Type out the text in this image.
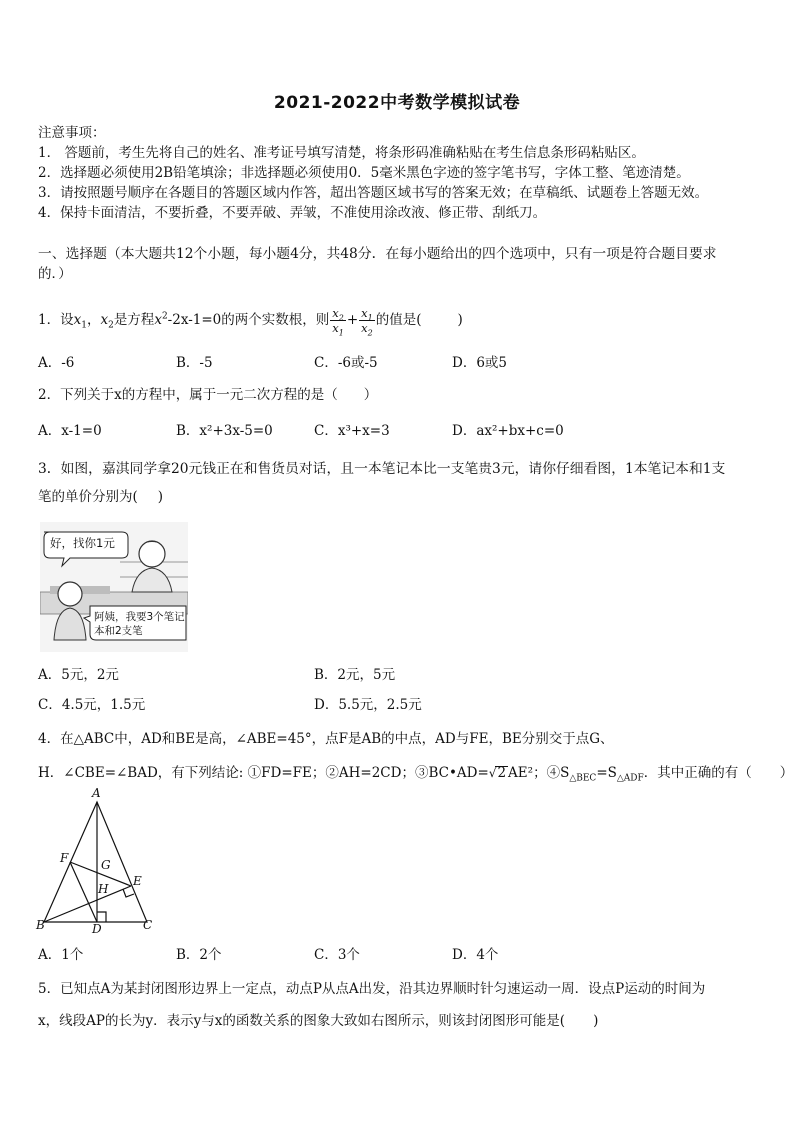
2021-2022中考数学模拟试卷
注意事项：
1． 答题前，考生先将自己的姓名、准考证号填写清楚，将条形码准确粘贴在考生信息条形码粘贴区。
2．选择题必须使用2B铅笔填涂；非选择题必须使用0．5毫米黑色字迹的签字笔书写，字体工整、笔迹清楚。
3．请按照题号顺序在各题目的答题区域内作答，超出答题区域书写的答案无效；在草稿纸、试题卷上答题无效。
4．保持卡面清洁，不要折叠，不要弄破、弄皱，不准使用涂改液、修正带、刮纸刀。
一、选择题（本大题共12个小题，每小题4分，共48分．在每小题给出的四个选项中，只有一项是符合题目要求
的．）
1．设$x_1$，$x_2$是方程$x^2-2x-1=0$的两个实数根，则 $\frac{x_2}{x_1} + \frac{x_1}{x_2}$ 的值是(	)
A．-6	B．-5	C．-6或-5	D．6或5
2．下列关于x的方程中，属于一元二次方程的是（ ）
A．x-1=0	B．x²+3x-5=0	C．x³+x=3	D．ax²+bx+c=0
3．如图，嘉淇同学拿20元钱正在和售货员对话，且一本笔记本比一支笔贵3元，请你仔细看图，1本笔记本和1支
笔的单价分别为( )
好，找你1元
阿姨，我要3个笔记
本和2支笔
A．5元，2元	B．2元，5元
C．4.5元，1.5元	D．5.5元，2.5元
4．在△ABC中，AD和BE是高，∠ABE=45°，点F是AB的中点，AD与FE，BE分别交于点G、
H．∠CBE=∠BAD，有下列结论: ①FD=FE；②AH=2CD；③BC•AD=√2 AE²；$④S_{\triangle BEC}=S_{\triangle ADF}$．其中正确的有（ ）
A
B	C
D
E
F	G
H
A．1个	B．2个	C．3个	D．4个
5．已知点A为某封闭图形边界上一定点，动点P从点A出发，沿其边界顺时针匀速运动一周．设点P运动的时间为
x，线段AP的长为y．表示y与x的函数关系的图象大致如右图所示，则该封闭图形可能是( )
